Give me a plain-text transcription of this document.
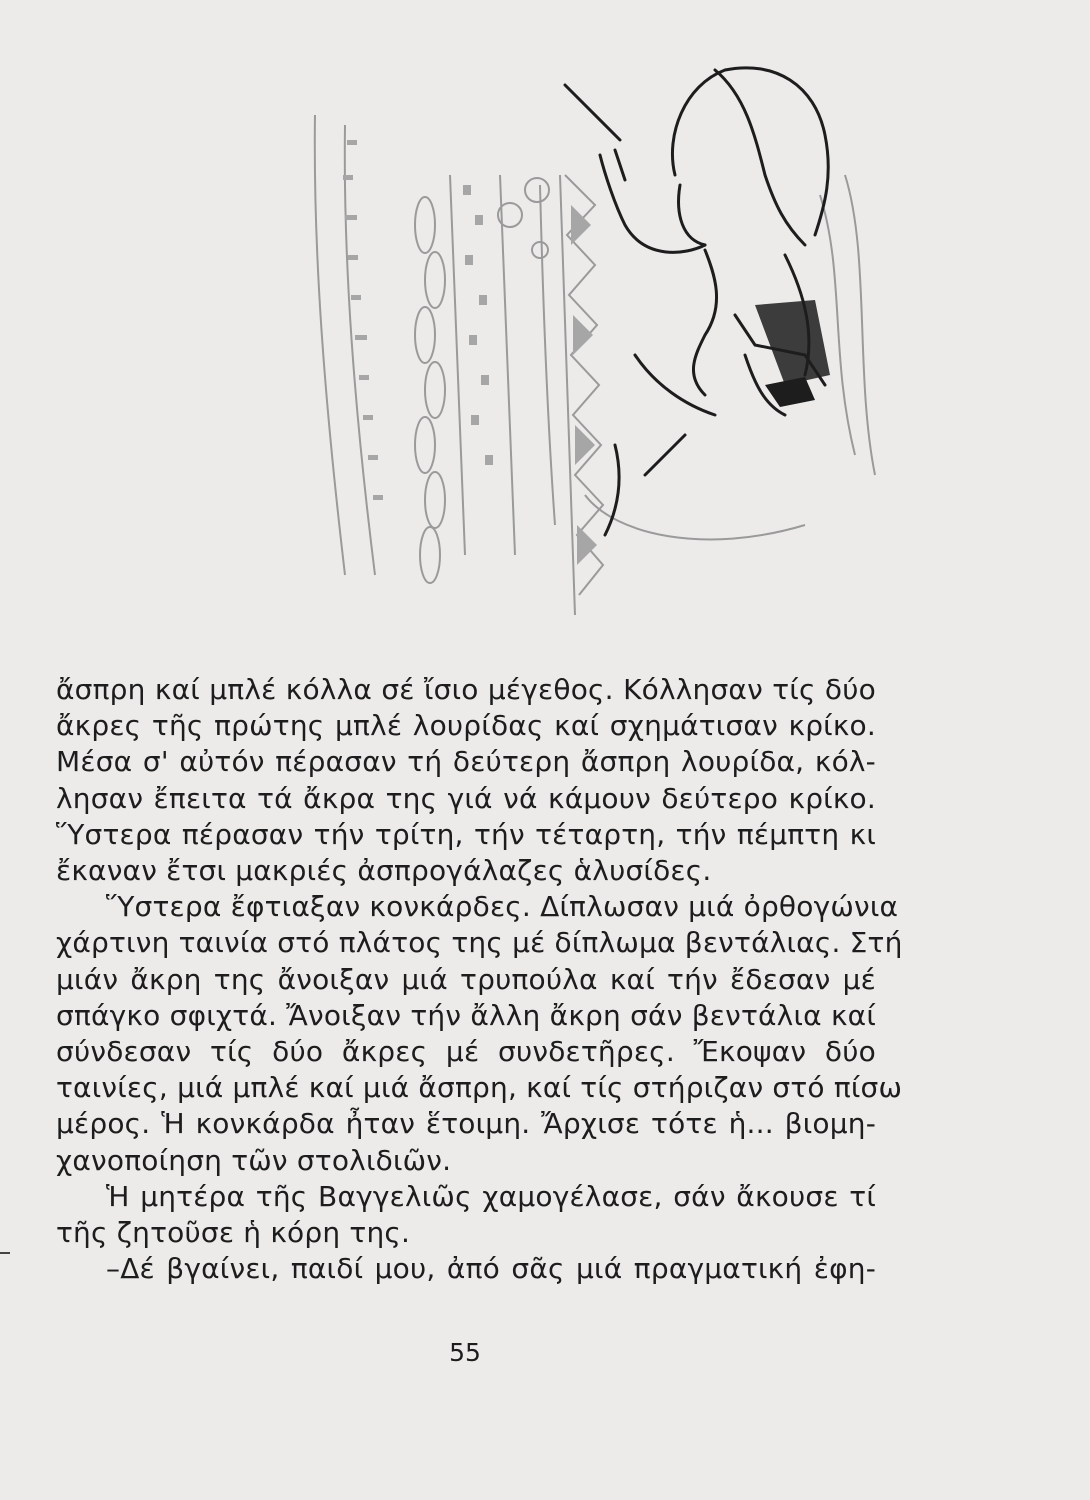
ἄσπρη καί μπλέ κόλλα σέ ἴσιο μέγεθος. Κόλλησαν τίς δύο
ἄκρες τῆς πρώτης μπλέ λουρίδας καί σχημάτισαν κρίκο.
Μέσα σ' αὐτόν πέρασαν τή δεύτερη ἄσπρη λουρίδα, κόλ-
λησαν ἔπειτα τά ἄκρα της γιά νά κάμουν δεύτερο κρίκο.
Ὕστερα πέρασαν τήν τρίτη, τήν τέταρτη, τήν πέμπτη κι
ἔκαναν ἔτσι μακριές ἀσπρογάλαζες ἁλυσίδες.
Ὕστερα ἔφτιαξαν κονκάρδες. Δίπλωσαν μιά ὀρθογώνια
χάρτινη ταινία στό πλάτος της μέ δίπλωμα βεντάλιας. Στή
μιάν ἄκρη της ἄνοιξαν μιά τρυπούλα καί τήν ἔδεσαν μέ
σπάγκο σφιχτά. Ἄνοιξαν τήν ἄλλη ἄκρη σάν βεντάλια καί
σύνδεσαν τίς δύο ἄκρες μέ συνδετῆρες. Ἔκοψαν δύο
ταινίες, μιά μπλέ καί μιά ἄσπρη, καί τίς στήριζαν στό πίσω
μέρος. Ἡ κονκάρδα ἦταν ἕτοιμη. Ἄρχισε τότε ἡ... βιομη-
χανοποίηση τῶν στολιδιῶν.
Ἡ μητέρα τῆς Βαγγελιῶς χαμογέλασε, σάν ἄκουσε τί
τῆς ζητοῦσε ἡ κόρη της.
–Δέ βγαίνει, παιδί μου, ἀπό σᾶς μιά πραγματική ἐφη-
55
